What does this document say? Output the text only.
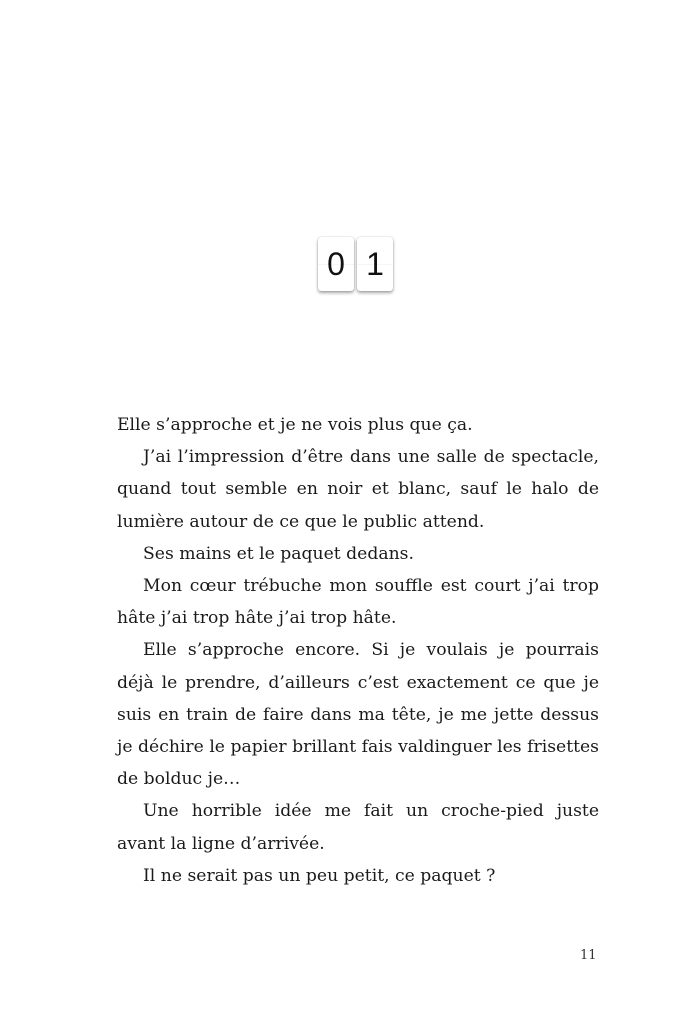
0 1

Elle s’approche et je ne vois plus que ça.

J’ai l’impression d’être dans une salle de spectacle, quand tout semble en noir et blanc, sauf le halo de lumière autour de ce que le public attend.

Ses mains et le paquet dedans.

Mon cœur trébuche mon souffle est court j’ai trop hâte j’ai trop hâte j’ai trop hâte.

Elle s’approche encore. Si je voulais je pourrais déjà le prendre, d’ailleurs c’est exactement ce que je suis en train de faire dans ma tête, je me jette dessus je déchire le papier brillant fais valdinguer les frisettes de bolduc je…

Une horrible idée me fait un croche-pied juste avant la ligne d’arrivée.

Il ne serait pas un peu petit, ce paquet ?

11
